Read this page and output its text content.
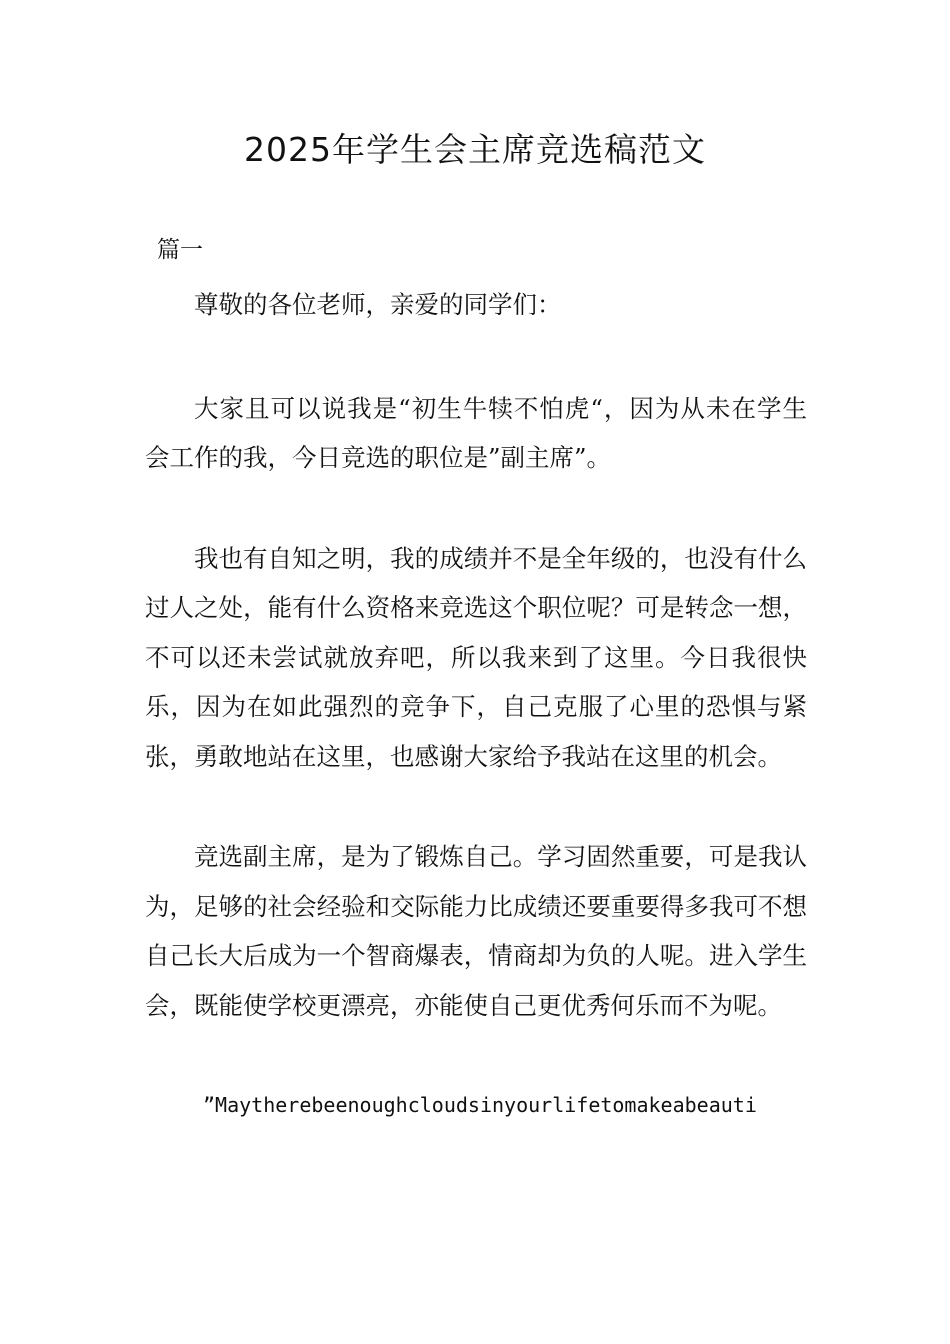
2025年学生会主席竞选稿范文

篇一

尊敬的各位老师，亲爱的同学们：

大家且可以说我是“初生牛犊不怕虎“，因为从未在学生会工作的我，今日竞选的职位是”副主席”。

我也有自知之明，我的成绩并不是全年级的，也没有什么过人之处，能有什么资格来竞选这个职位呢？可是转念一想，不可以还未尝试就放弃吧，所以我来到了这里。今日我很快乐，因为在如此强烈的竞争下，自己克服了心里的恐惧与紧张，勇敢地站在这里，也感谢大家给予我站在这里的机会。

竞选副主席，是为了锻炼自己。学习固然重要，可是我认为，足够的社会经验和交际能力比成绩还要重要得多我可不想自己长大后成为一个智商爆表，情商却为负的人呢。进入学生会，既能使学校更漂亮，亦能使自己更优秀何乐而不为呢。

”Maytherebeenoughcloudsinyourlifetomakeabeauti
